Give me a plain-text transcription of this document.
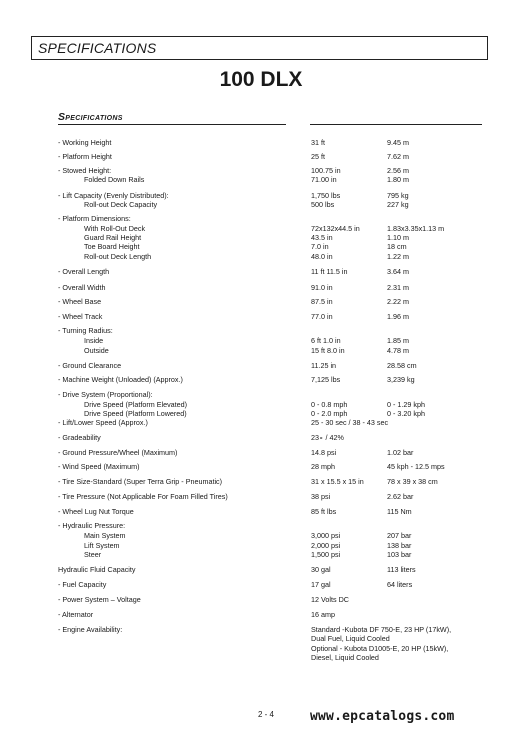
SPECIFICATIONS
100 DLX
Specifications
- Working Height	31 ft	9.45 m
- Platform Height	25 ft	7.62 m
- Stowed Height:	100.75 in	2.56 m
Folded Down Rails	71.00 in	1.80 m
- Lift Capacity (Evenly Distributed):	1,750 lbs	795 kg
Roll-out Deck Capacity	500 lbs	227 kg
- Platform Dimensions:
With Roll-Out Deck	72x132x44.5 in	1.83x3.35x1.13 m
Guard Rail Height	43.5 in	1.10 m
Toe Board Height	7.0 in	18 cm
Roll-out Deck Length	48.0 in	1.22 m
- Overall Length	11 ft 11.5 in	3.64 m
- Overall Width	91.0 in	2.31 m
- Wheel Base	87.5 in	2.22 m
- Wheel Track	77.0 in	1.96 m
- Turning Radius:
Inside	6 ft 1.0 in	1.85 m
Outside	15 ft 8.0 in	4.78 m
- Ground Clearance	11.25 in	28.58 cm
- Machine Weight (Unloaded) (Approx.)	7,125 lbs	3,239 kg
- Drive System (Proportional):
Drive Speed (Platform Elevated)	0 - 0.8 mph	0 - 1.29 kph
Drive Speed (Platform Lowered)	0 - 2.0 mph	0 - 3.20 kph
- Lift/Lower Speed (Approx.)	25 - 30 sec / 38 - 43 sec
- Gradeability	23∘ / 42%
- Ground Pressure/Wheel (Maximum)	14.8 psi	1.02 bar
- Wind Speed (Maximum)	28 mph	45 kph - 12.5 mps
- Tire Size-Standard (Super Terra Grip - Pneumatic)	31 x 15.5 x 15 in	78 x 39 x 38 cm
- Tire Pressure (Not Applicable For Foam Filled Tires)	38 psi	2.62 bar
- Wheel Lug Nut Torque	85 ft lbs	115 Nm
- Hydraulic Pressure:
Main System	3,000 psi	207 bar
Lift System	2,000 psi	138 bar
Steer	1,500 psi	103 bar
Hydraulic Fluid Capacity	30 gal	113 liters
- Fuel Capacity	17 gal	64 liters
- Power System – Voltage	12 Volts DC
- Alternator	16 amp
- Engine Availability:	Standard -Kubota DF 750-E, 23 HP (17kW),
Dual Fuel, Liquid Cooled
Optional - Kubota D1005-E, 20 HP (15kW),
Diesel, Liquid Cooled
2 - 4	www.epcatalogs.com
